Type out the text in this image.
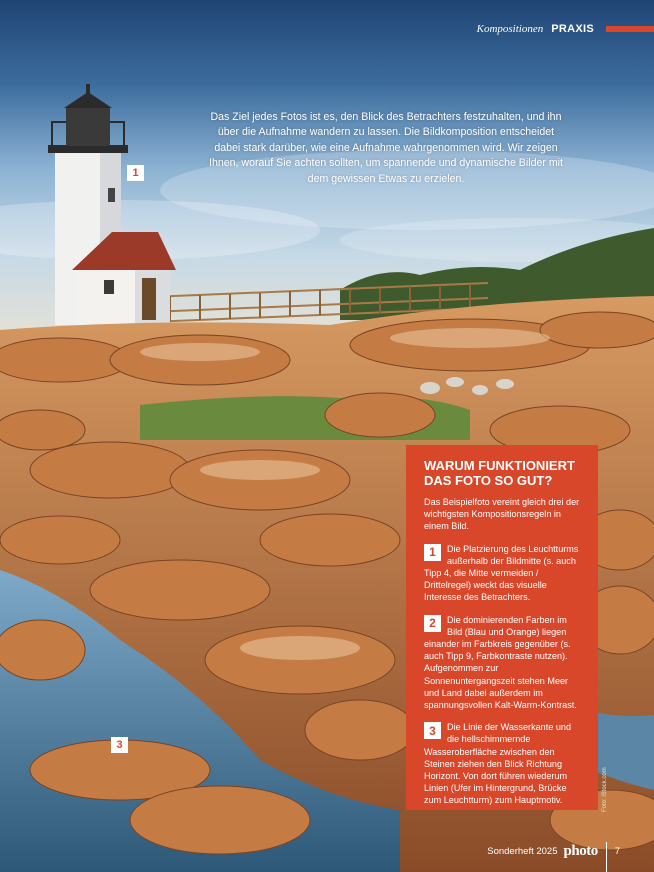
Kompositionen PRAXIS
Das Ziel jedes Fotos ist es, den Blick des Betrachters festzuhalten, und ihn über die Aufnahme wandern zu lassen. Die Bildkomposition entscheidet dabei stark darüber, wie eine Aufnahme wahrgenommen wird. Wir zeigen Ihnen, worauf Sie achten sollten, um spannende und dynamische Bilder mit dem gewissen Etwas zu erzielen.
1
3
WARUM FUNKTIONIERT DAS FOTO SO GUT?

Das Beispielfoto vereint gleich drei der wichtigsten Kompositionsregeln in einem Bild.

1	Die Platzierung des Leuchtturms außerhalb der Bildmitte (s. auch Tipp 4, die Mitte vermeiden / Drittelregel) weckt das visuelle Interesse des Betrachters.
2	Die dominierenden Farben im Bild (Blau und Orange) liegen einander im Farbkreis gegenüber (s. auch Tipp 9, Farbkontraste nutzen). Aufgenommen zur Sonnenuntergangszeit stehen Meer und Land dabei außerdem im spannungsvollen Kalt-Warm-Kontrast.
3	Die Linie der Wasserkante und die hellschimmernde Wasseroberfläche zwischen den Steinen ziehen den Blick Richtung Horizont. Von dort führen wiederum Linien (Ufer im Hintergrund, Brücke zum Leuchtturm) zum Hauptmotiv.	Foto: iStock.com
Sonderheft 2025 photo 7
